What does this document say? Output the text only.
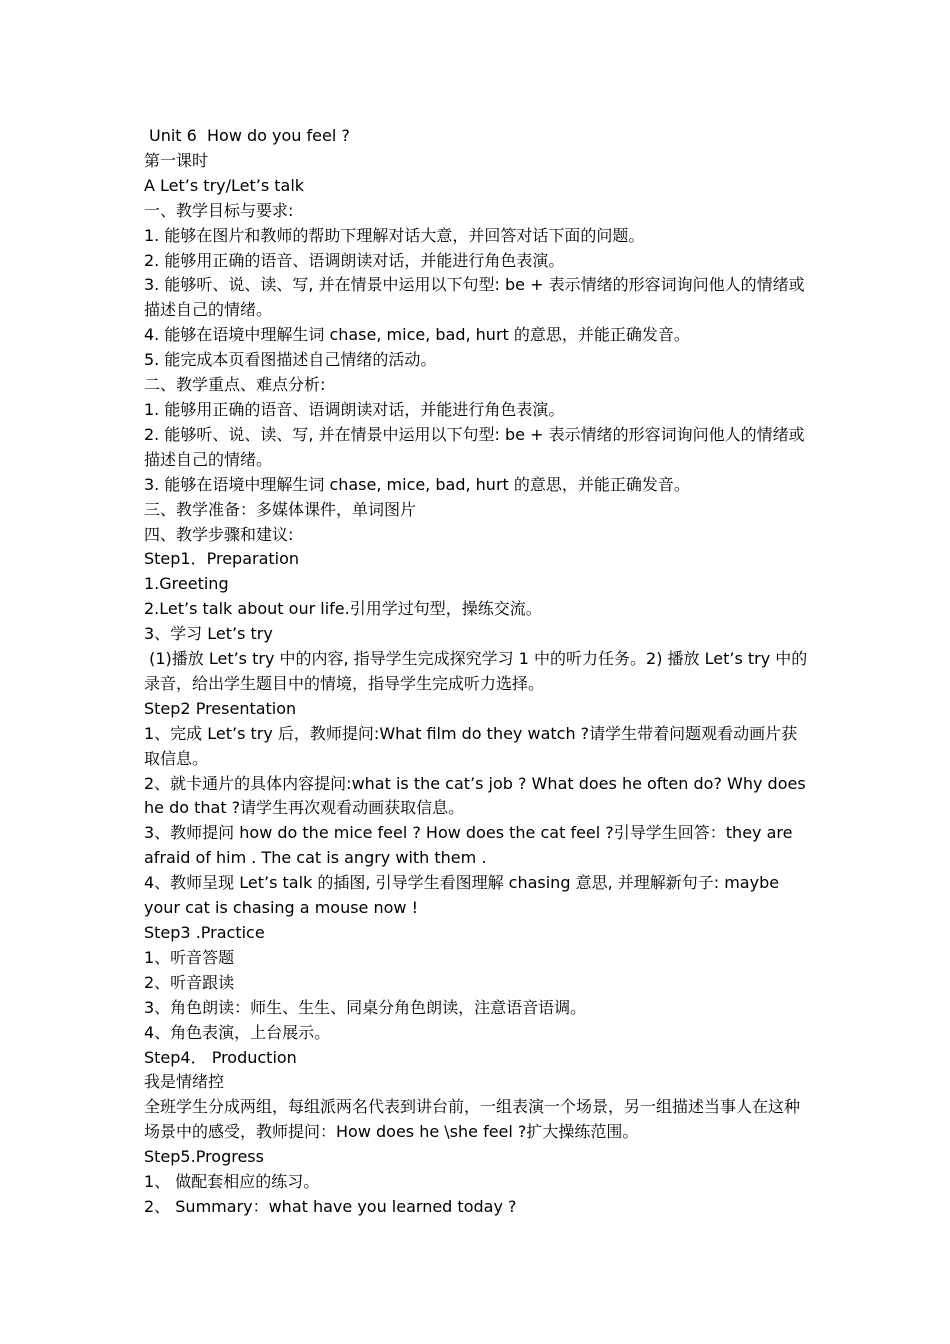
Unit 6  How do you feel ?

第一课时

A Let’s try/Let’s talk

一、教学目标与要求:

1. 能够在图片和教师的帮助下理解对话大意，并回答对话下面的问题。

2. 能够用正确的语音、语调朗读对话，并能进行角色表演。

3. 能够听、说、读、写, 并在情景中运用以下句型: be + 表示情绪的形容词询问他人的情绪或描述自己的情绪。

4. 能够在语境中理解生词 chase, mice, bad, hurt 的意思，并能正确发音。

5. 能完成本页看图描述自己情绪的活动。

二、教学重点、难点分析:

1. 能够用正确的语音、语调朗读对话，并能进行角色表演。

2. 能够听、说、读、写, 并在情景中运用以下句型: be + 表示情绪的形容词询问他人的情绪或描述自己的情绪。

3. 能够在语境中理解生词 chase, mice, bad, hurt 的意思，并能正确发音。

三、教学准备：多媒体课件，单词图片

四、教学步骤和建议:

Step1．Preparation

1.Greeting

2.Let’s talk about our life.引用学过句型，操练交流。

3、学习 Let’s try

(1)播放 Let’s try 中的内容, 指导学生完成探究学习 1 中的听力任务。2) 播放 Let’s try 中的录音，给出学生题目中的情境，指导学生完成听力选择。

Step2 Presentation

1、完成 Let’s try 后，教师提问:What film do they watch ?请学生带着问题观看动画片获取信息。

2、就卡通片的具体内容提问:what is the cat’s job ? What does he often do? Why does he do that ?请学生再次观看动画获取信息。

3、教师提问 how do the mice feel ? How does the cat feel ?引导学生回答：they are afraid of him . The cat is angry with them .

4、教师呈现 Let’s talk 的插图, 引导学生看图理解 chasing 意思, 并理解新句子: maybe your cat is chasing a mouse now !

Step3 .Practice

1、听音答题

2、听音跟读

3、角色朗读：师生、生生、同桌分角色朗读，注意语音语调。

4、角色表演，上台展示。

Step4． Production

我是情绪控

全班学生分成两组，每组派两名代表到讲台前，一组表演一个场景，另一组描述当事人在这种场景中的感受，教师提问：How does he \she feel ?扩大操练范围。

Step5.Progress

1、 做配套相应的练习。

2、 Summary：what have you learned today ?
